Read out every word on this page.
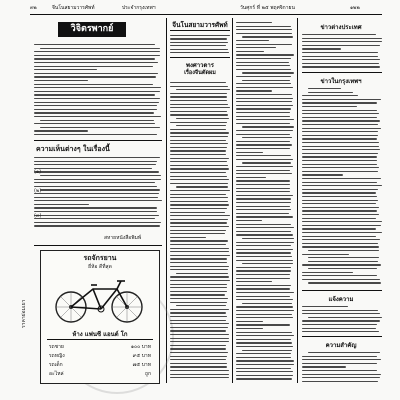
๓๒	จีนโนสยามวารศัพท์	ประจำกรุงเทพฯ	วันศุกร์ ที่ ๒๕ พฤศจิกายน	๑๒๒
วิจิตรพากย์
ความเห็นต่างๆ ในเรื่องนี้
(๑)
(๒)
(๓)
สหายหนังสือพิมพ์
รถจักรยาน
ยี่ห้อ ดีที่สุด
ห้าง แฟนซี แอนด์ โก
รถชาย	๑๐๐ บาท
รถหญิง	๙๕ บาท
รถเด็ก	๗๕ บาท
อะไหล่	ถูก
ราคาย่อมเยา
จีนโนสยามวารศัพท์
พงศาวดาร
เรื่องจีนตัดผม
ข่าวต่างประเทศ
ข่าวในกรุงเทพฯ
แจ้งความ
ความสำคัญ
